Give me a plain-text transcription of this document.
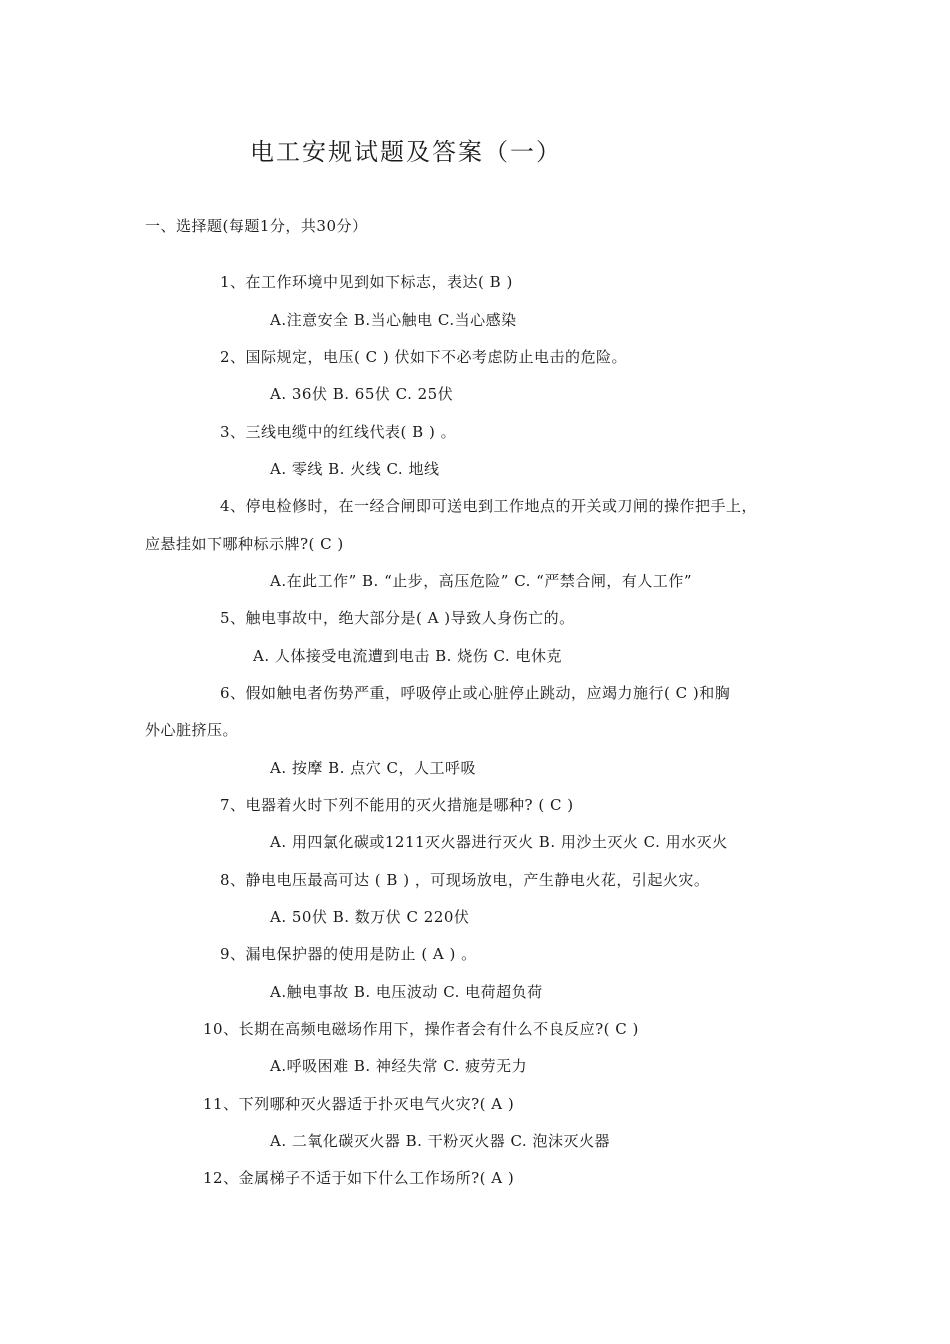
电工安规试题及答案（一）
一、选择题(每题1分，共30分）
1、在工作环境中见到如下标志，表达( B )
A.注意安全 B.当心触电 C.当心感染
2、国际规定，电压( C ) 伏如下不必考虑防止电击的危险。
A. 36伏 B. 65伏 C. 25伏
3、三线电缆中的红线代表( B ) 。
A. 零线 B. 火线 C. 地线
4、停电检修时，在一经合闸即可送电到工作地点的开关或刀闸的操作把手上，
应悬挂如下哪种标示牌?( C )
A.在此工作” B. “止步，高压危险” C. “严禁合闸，有人工作”
5、触电事故中，绝大部分是( A )导致人身伤亡的。
A. 人体接受电流遭到电击 B. 烧伤 C. 电休克
6、假如触电者伤势严重，呼吸停止或心脏停止跳动，应竭力施行( C )和胸
外心脏挤压。
A. 按摩 B. 点穴 C，人工呼吸
7、电器着火时下列不能用的灭火措施是哪种? ( C )
A. 用四氯化碳或1211灭火器进行灭火 B. 用沙土灭火 C. 用水灭火
8、静电电压最高可达 ( B ) ，可现场放电，产生静电火花，引起火灾。
A. 50伏 B. 数万伏 C 220伏
9、漏电保护器的使用是防止 ( A ) 。
A.触电事故 B. 电压波动 C. 电荷超负荷
10、长期在高频电磁场作用下，操作者会有什么不良反应?( C )
A.呼吸困难 B. 神经失常 C. 疲劳无力
11、下列哪种灭火器适于扑灭电气火灾?( A )
A. 二氧化碳灭火器 B. 干粉灭火器 C. 泡沫灭火器
12、金属梯子不适于如下什么工作场所?( A )
